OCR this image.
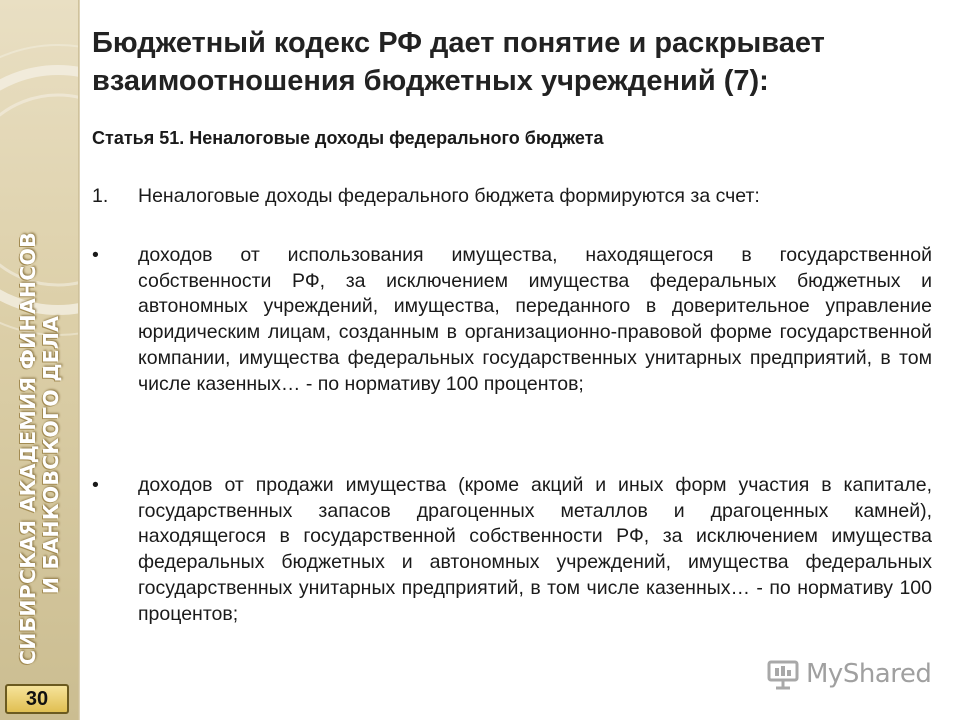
СИБИРСКАЯ АКАДЕМИЯ ФИНАНСОВ И БАНКОВСКОГО ДЕЛА
30
Бюджетный кодекс РФ дает понятие и раскрывает взаимоотношения бюджетных учреждений (7):
Статья 51. Неналоговые доходы федерального бюджета
1. Неналоговые доходы федерального бюджета формируются за счет:
• доходов от использования имущества, находящегося в государственной собственности РФ, за исключением имущества федеральных бюджетных и автономных учреждений, имущества, переданного в доверительное управление юридическим лицам, созданным в организационно-правовой форме государственной компании, имущества федеральных государственных унитарных предприятий, в том числе казенных… - по нормативу 100 процентов;
• доходов от продажи имущества (кроме акций и иных форм участия в капитале, государственных запасов драгоценных металлов и драгоценных камней), находящегося в государственной собственности РФ, за исключением имущества федеральных бюджетных и автономных учреждений, имущества федеральных государственных унитарных предприятий, в том числе казенных… - по нормативу 100 процентов;
MyShared
